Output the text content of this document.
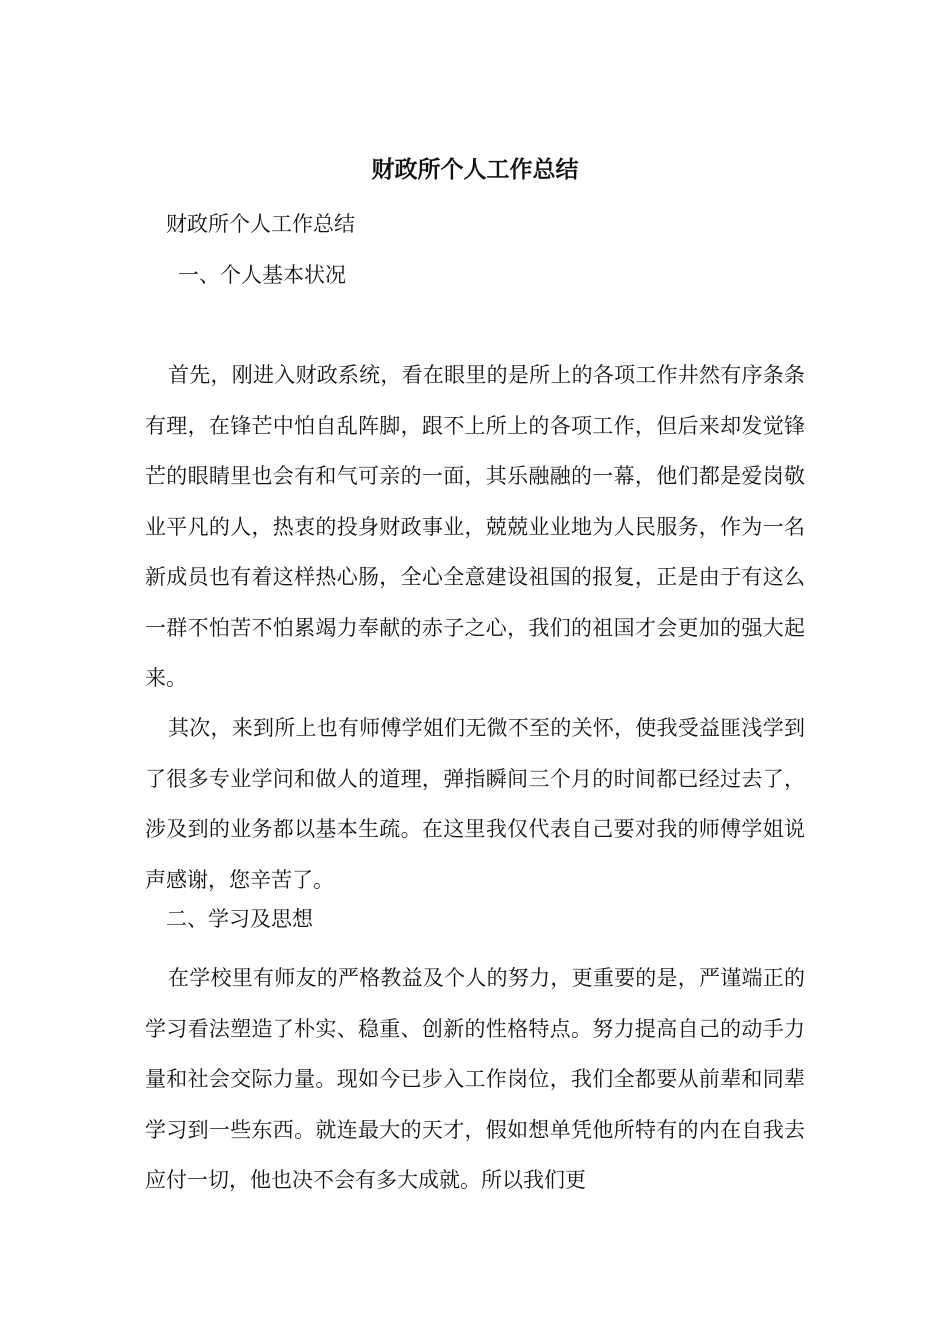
财政所个人工作总结

财政所个人工作总结

一、个人基本状况

首先，刚进入财政系统，看在眼里的是所上的各项工作井然有序条条有理，在锋芒中怕自乱阵脚，跟不上所上的各项工作，但后来却发觉锋芒的眼睛里也会有和气可亲的一面，其乐融融的一幕，他们都是爱岗敬业平凡的人，热衷的投身财政事业，兢兢业业地为人民服务，作为一名新成员也有着这样热心肠，全心全意建设祖国的报复，正是由于有这么一群不怕苦不怕累竭力奉献的赤子之心，我们的祖国才会更加的强大起来。

其次，来到所上也有师傅学姐们无微不至的关怀，使我受益匪浅学到了很多专业学问和做人的道理，弹指瞬间三个月的时间都已经过去了，涉及到的业务都以基本生疏。在这里我仅代表自己要对我的师傅学姐说声感谢，您辛苦了。

二、学习及思想

在学校里有师友的严格教益及个人的努力，更重要的是，严谨端正的学习看法塑造了朴实、稳重、创新的性格特点。努力提高自己的动手力量和社会交际力量。现如今已步入工作岗位，我们全都要从前辈和同辈学习到一些东西。就连最大的天才，假如想单凭他所特有的内在自我去应付一切，他也决不会有多大成就。所以我们更
